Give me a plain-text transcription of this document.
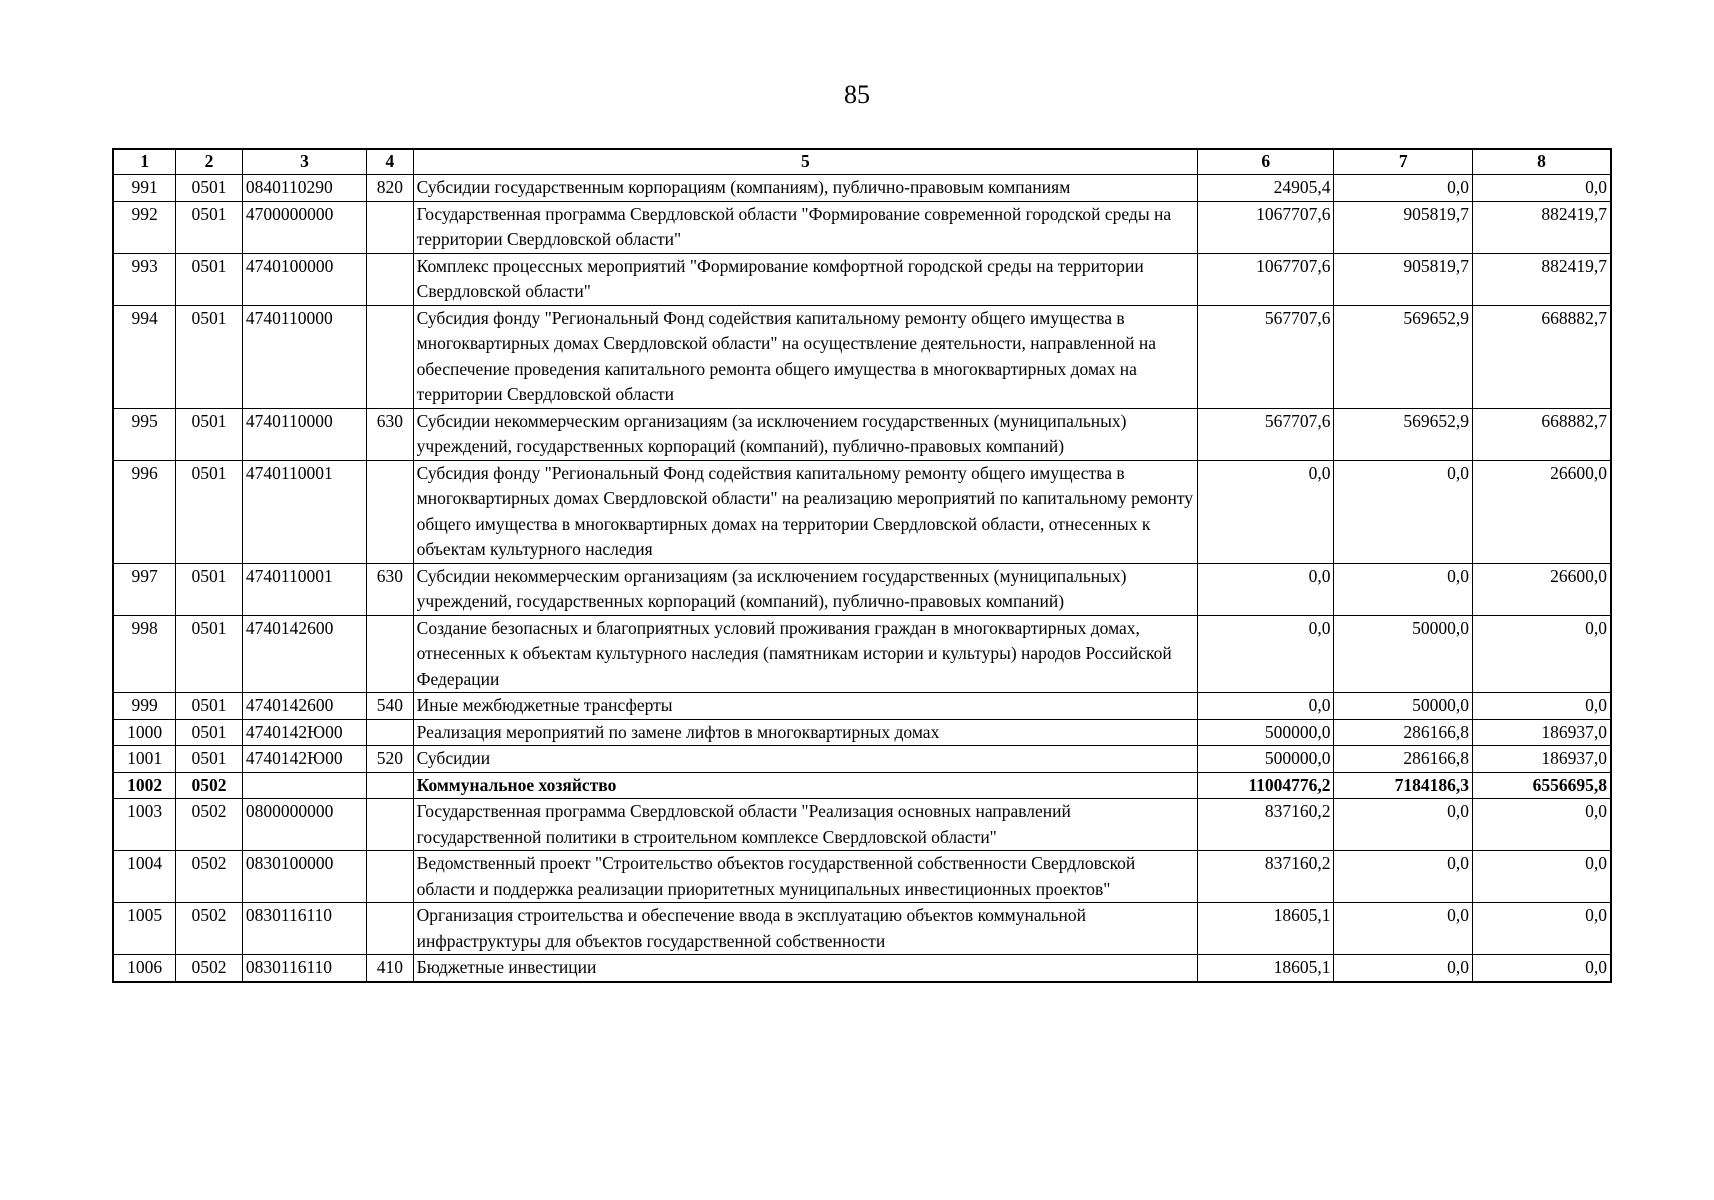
85
1	2	3	4	5	6	7	8
991	0501	0840110290	820	Субсидии государственным корпорациям (компаниям), публично-правовым компаниям	24905,4	0,0	0,0
992	0501	4700000000		Государственная программа Свердловской области "Формирование современной городской среды на территории Свердловской области"	1067707,6	905819,7	882419,7
993	0501	4740100000		Комплекс процессных мероприятий "Формирование комфортной городской среды на территории Свердловской области"	1067707,6	905819,7	882419,7
994	0501	4740110000		Субсидия фонду "Региональный Фонд содействия капитальному ремонту общего имущества в многоквартирных домах Свердловской области" на осуществление деятельности, направленной на обеспечение проведения капитального ремонта общего имущества в многоквартирных домах на территории Свердловской области	567707,6	569652,9	668882,7
995	0501	4740110000	630	Субсидии некоммерческим организациям (за исключением государственных (муниципальных) учреждений, государственных корпораций (компаний), публично-правовых компаний)	567707,6	569652,9	668882,7
996	0501	4740110001		Субсидия фонду "Региональный Фонд содействия капитальному ремонту общего имущества в многоквартирных домах Свердловской области" на реализацию мероприятий по капитальному ремонту общего имущества в многоквартирных домах на территории Свердловской области, отнесенных к объектам культурного наследия	0,0	0,0	26600,0
997	0501	4740110001	630	Субсидии некоммерческим организациям (за исключением государственных (муниципальных) учреждений, государственных корпораций (компаний), публично-правовых компаний)	0,0	0,0	26600,0
998	0501	4740142600		Создание безопасных и благоприятных условий проживания граждан в многоквартирных домах, отнесенных к объектам культурного наследия (памятникам истории и культуры) народов Российской Федерации	0,0	50000,0	0,0
999	0501	4740142600	540	Иные межбюджетные трансферты	0,0	50000,0	0,0
1000	0501	4740142Ю00		Реализация мероприятий по замене лифтов в многоквартирных домах	500000,0	286166,8	186937,0
1001	0501	4740142Ю00	520	Субсидии	500000,0	286166,8	186937,0
1002	0502			Коммунальное хозяйство	11004776,2	7184186,3	6556695,8
1003	0502	0800000000		Государственная программа Свердловской области "Реализация основных направлений государственной политики в строительном комплексе Свердловской области"	837160,2	0,0	0,0
1004	0502	0830100000		Ведомственный проект "Строительство объектов государственной собственности Свердловской области и поддержка реализации приоритетных муниципальных инвестиционных проектов"	837160,2	0,0	0,0
1005	0502	0830116110		Организация строительства и обеспечение ввода в эксплуатацию объектов коммунальной инфраструктуры для объектов государственной собственности	18605,1	0,0	0,0
1006	0502	0830116110	410	Бюджетные инвестиции	18605,1	0,0	0,0
